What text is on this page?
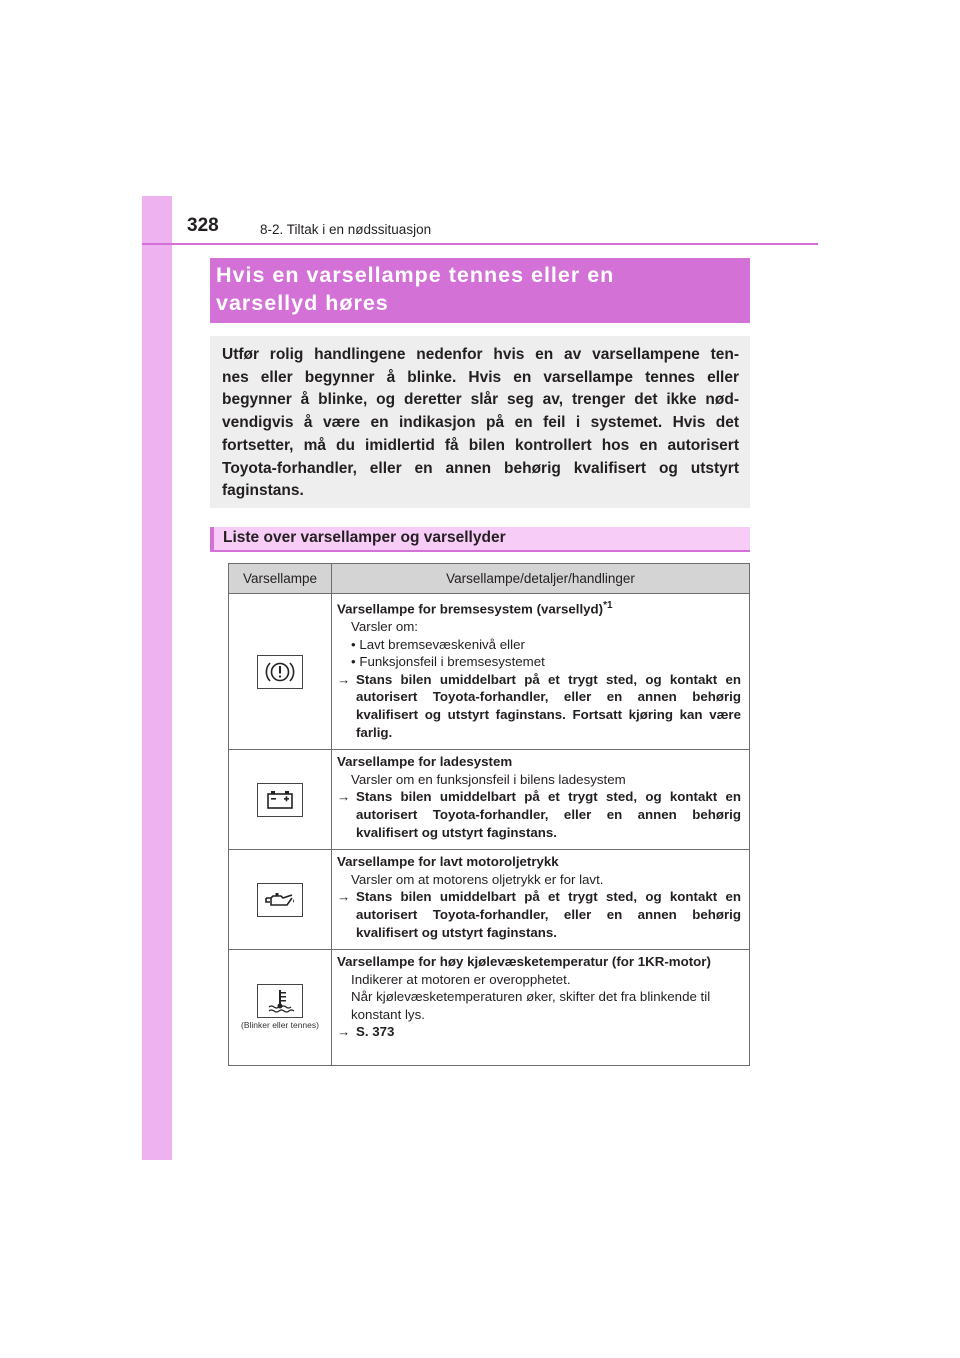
328	8-2. Tiltak i en nødssituasjon
Hvis en varsellampe tennes eller en
varsellyd høres
Utfør rolig handlingene nedenfor hvis en av varsellampene ten-
nes eller begynner å blinke. Hvis en varsellampe tennes eller
begynner å blinke, og deretter slår seg av, trenger det ikke nød-
vendigvis å være en indikasjon på en feil i systemet. Hvis det
fortsetter, må du imidlertid få bilen kontrollert hos en autorisert
Toyota-forhandler, eller en annen behørig kvalifisert og utstyrt
faginstans.
Liste over varsellamper og varsellyder
Varsellampe	Varsellampe/detaljer/handlinger

	Varsellampe for bremsesystem (varsellyd)$^{*1}$
Varsler om:
• Lavt bremsevæskenivå eller
• Funksjonsfeil i bremsesystemet
→ Stans bilen umiddelbart på et trygt sted, og kontakt en autorisert Toyota-forhandler, eller en annen behørig kvalifisert og utstyrt faginstans. Fortsatt kjøring kan være farlig.

	Varsellampe for ladesystem
Varsler om en funksjonsfeil i bilens ladesystem
→ Stans bilen umiddelbart på et trygt sted, og kontakt en autorisert Toyota-forhandler, eller en annen behørig kvalifisert og utstyrt faginstans.

	Varsellampe for lavt motoroljetrykk
Varsler om at motorens oljetrykk er for lavt.
→ Stans bilen umiddelbart på et trygt sted, og kontakt en autorisert Toyota-forhandler, eller en annen behørig kvalifisert og utstyrt faginstans.

(Blinker eller tennes)	Varsellampe for høy kjølevæsketemperatur (for 1KR-motor)
Indikerer at motoren er overopphetet.
Når kjølevæsketemperaturen øker, skifter det fra blinkende til konstant lys.
→ S. 373
